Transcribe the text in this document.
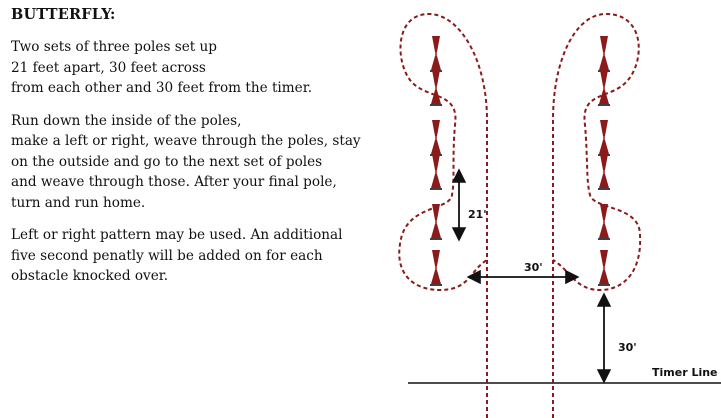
BUTTERFLY:
Two sets of three poles set up
21 feet apart, 30 feet across
from each other and 30 feet from the timer.
Run down the inside of the poles,
make a left or right, weave through the poles, stay
on the outside and go to the next set of poles
and weave through those. After your final pole,
turn and run home.
Left or right pattern may be used. An additional
five second penatly will be added on for each
obstacle knocked over.
Timer Line
21'
30'
30'
